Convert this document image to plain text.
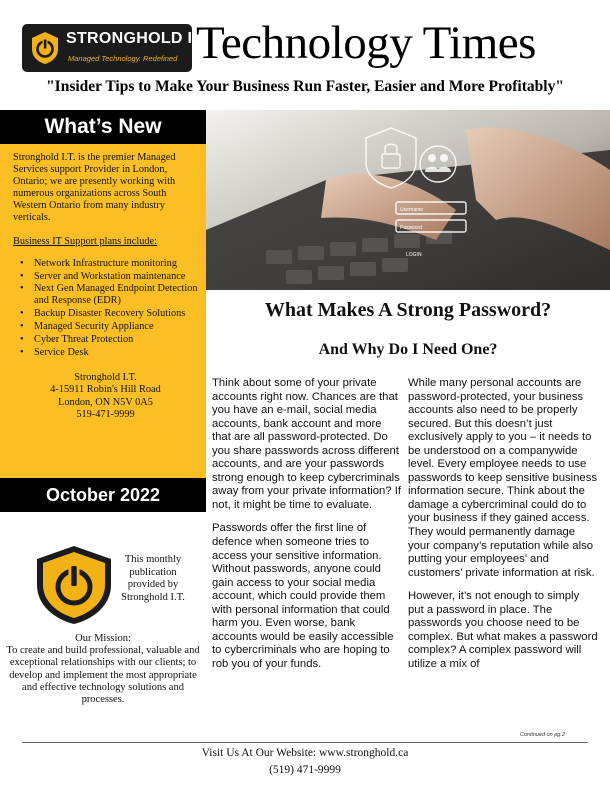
STRONGHOLD I.T.
Managed Technology. Redefined Technology Times
"Insider Tips to Make Your Business Run Faster, Easier and More Profitably"
What’s New

Stronghold I.T. is the premier Managed Services support Provider in London, Ontario; we are presently working with numerous organizations across South Western Ontario from many industry verticals.

Business IT Support plans include:

• Network Infrastructure monitoring
• Server and Workstation maintenance
• Next Gen Managed Endpoint Detection and Response (EDR)
• Backup Disaster Recovery Solutions
• Managed Security Appliance
• Cyber Threat Protection
• Service Desk
Stronghold I.T.
4-15911 Robin's Hill Road
London, ON N5V 0A5
519-471-9999
October 2022
This monthly publication provided by Stronghold I.T.
Our Mission:
To create and build professional, valuable and exceptional relationships with our clients; to develop and implement the most appropriate and effective technology solutions and processes.
Username
Password
LOGIN
What Makes A Strong Password?
And Why Do I Need One?

Think about some of your private accounts right now. Chances are that you have an e-mail, social media accounts, bank account and more that are all password-protected. Do you share passwords across different accounts, and are your passwords strong enough to keep cybercriminals away from your private information? If not, it might be time to evaluate.

Passwords offer the first line of defence when someone tries to access your sensitive information. Without passwords, anyone could gain access to your social media account, which could provide them with personal information that could harm you. Even worse, bank accounts would be easily accessible to cybercriminals who are hoping to rob you of your funds.

While many personal accounts are password-protected, your business accounts also need to be properly secured. But this doesn’t just exclusively apply to you – it needs to be understood on a companywide level. Every employee needs to use passwords to keep sensitive business information secure. Think about the damage a cybercriminal could do to your business if they gained access. They would permanently damage your company’s reputation while also putting your employees’ and customers’ private information at risk.

However, it’s not enough to simply put a password in place. The passwords you choose need to be complex. But what makes a password complex? A complex password will utilize a mix of

Continued on pg.2
Visit Us At Our Website: www.stronghold.ca
(519) 471-9999
